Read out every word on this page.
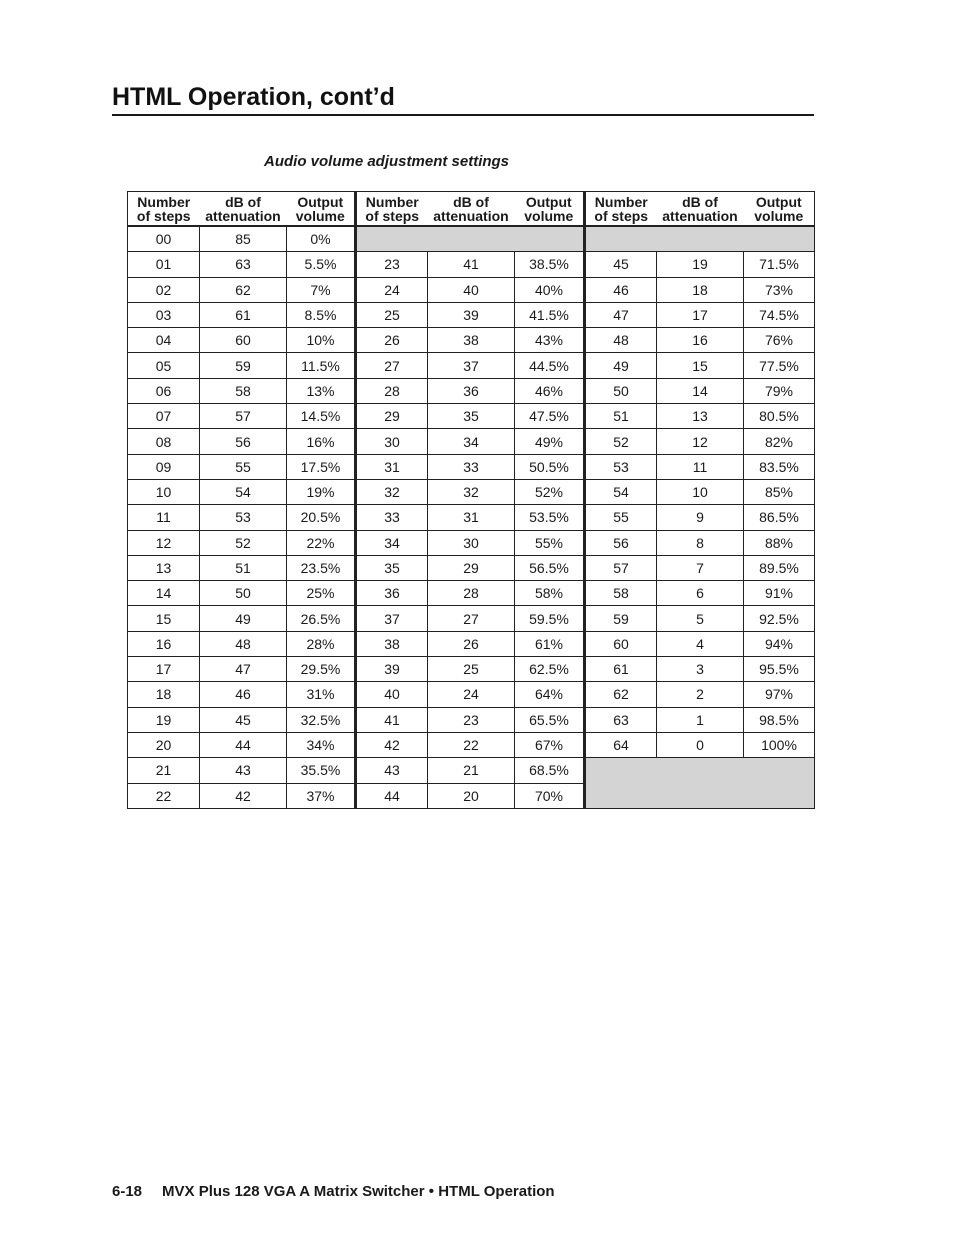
HTML Operation, cont’d
Audio volume adjustment settings
Number
of steps	dB of
attenuation	Output
volume	Number
of steps	dB of
attenuation	Output
volume	Number
of steps	dB of
attenuation	Output
volume
00	85	0%						
01	63	5.5%	23	41	38.5%	45	19	71.5%
02	62	7%	24	40	40%	46	18	73%
03	61	8.5%	25	39	41.5%	47	17	74.5%
04	60	10%	26	38	43%	48	16	76%
05	59	11.5%	27	37	44.5%	49	15	77.5%
06	58	13%	28	36	46%	50	14	79%
07	57	14.5%	29	35	47.5%	51	13	80.5%
08	56	16%	30	34	49%	52	12	82%
09	55	17.5%	31	33	50.5%	53	11	83.5%
10	54	19%	32	32	52%	54	10	85%
11	53	20.5%	33	31	53.5%	55	9	86.5%
12	52	22%	34	30	55%	56	8	88%
13	51	23.5%	35	29	56.5%	57	7	89.5%
14	50	25%	36	28	58%	58	6	91%
15	49	26.5%	37	27	59.5%	59	5	92.5%
16	48	28%	38	26	61%	60	4	94%
17	47	29.5%	39	25	62.5%	61	3	95.5%
18	46	31%	40	24	64%	62	2	97%
19	45	32.5%	41	23	65.5%	63	1	98.5%
20	44	34%	42	22	67%	64	0	100%
21	43	35.5%	43	21	68.5%			
22	42	37%	44	20	70%			
6-18 MVX Plus 128 VGA A Matrix Switcher • HTML Operation
